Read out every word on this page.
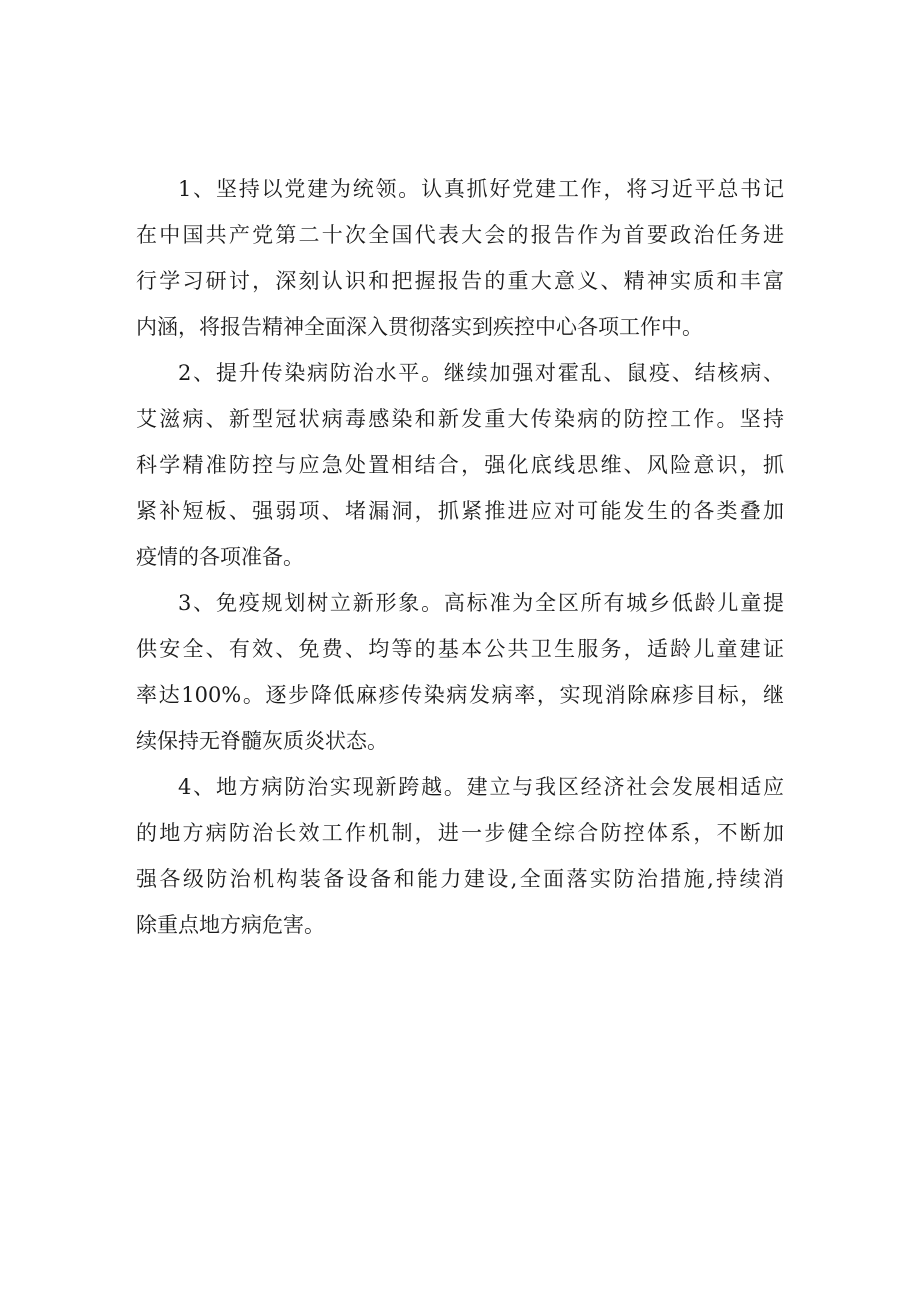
1、坚持以党建为统领。认真抓好党建工作，将习近平总书记
在中国共产党第二十次全国代表大会的报告作为首要政治任务进
行学习研讨，深刻认识和把握报告的重大意义、精神实质和丰富
内涵，将报告精神全面深入贯彻落实到疾控中心各项工作中。
2、提升传染病防治水平。继续加强对霍乱、鼠疫、结核病、
艾滋病、新型冠状病毒感染和新发重大传染病的防控工作。坚持
科学精准防控与应急处置相结合，强化底线思维、风险意识，抓
紧补短板、强弱项、堵漏洞，抓紧推进应对可能发生的各类叠加
疫情的各项准备。
3、免疫规划树立新形象。高标准为全区所有城乡低龄儿童提
供安全、有效、免费、均等的基本公共卫生服务，适龄儿童建证
率达100%。逐步降低麻疹传染病发病率，实现消除麻疹目标，继
续保持无脊髓灰质炎状态。
4、地方病防治实现新跨越。建立与我区经济社会发展相适应
的地方病防治长效工作机制，进一步健全综合防控体系，不断加
强各级防治机构装备设备和能力建设,全面落实防治措施,持续消
除重点地方病危害。
